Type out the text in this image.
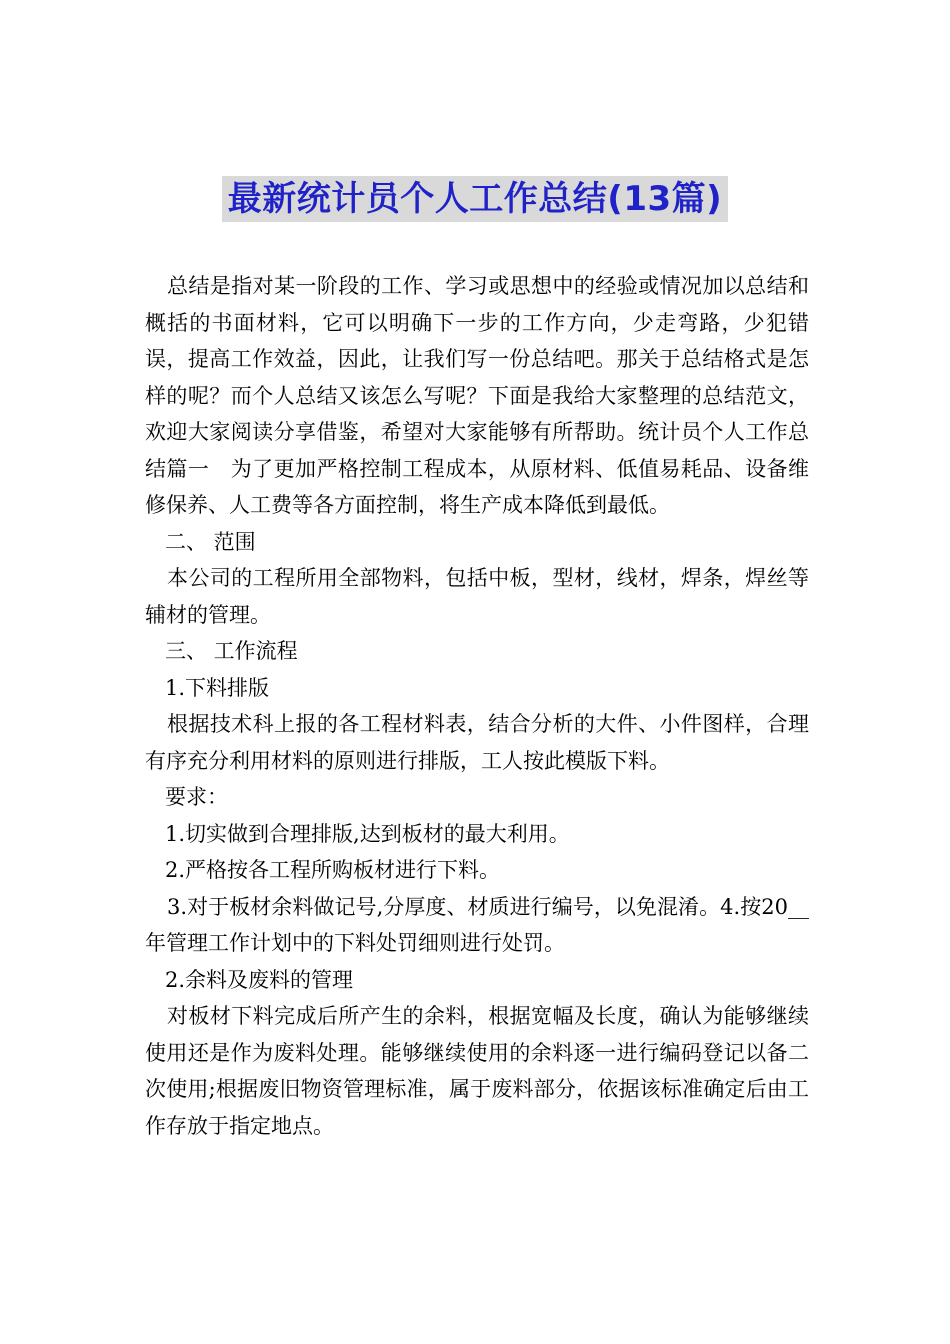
最新统计员个人工作总结(13篇)

总结是指对某一阶段的工作、学习或思想中的经验或情况加以总结和概括的书面材料，它可以明确下一步的工作方向，少走弯路，少犯错误，提高工作效益，因此，让我们写一份总结吧。那关于总结格式是怎样的呢？而个人总结又该怎么写呢？下面是我给大家整理的总结范文，欢迎大家阅读分享借鉴，希望对大家能够有所帮助。统计员个人工作总结篇一　为了更加严格控制工程成本，从原材料、低值易耗品、设备维修保养、人工费等各方面控制，将生产成本降低到最低。

二、 范围

本公司的工程所用全部物料，包括中板，型材，线材，焊条，焊丝等辅材的管理。

三、 工作流程

1.下料排版

根据技术科上报的各工程材料表，结合分析的大件、小件图样，合理有序充分利用材料的原则进行排版，工人按此模版下料。

要求：

1.切实做到合理排版,达到板材的最大利用。

2.严格按各工程所购板材进行下料。

3.对于板材余料做记号,分厚度、材质进行编号，以免混淆。4.按20__年管理工作计划中的下料处罚细则进行处罚。

2.余料及废料的管理

对板材下料完成后所产生的余料，根据宽幅及长度，确认为能够继续使用还是作为废料处理。能够继续使用的余料逐一进行编码登记以备二次使用;根据废旧物资管理标准，属于废料部分，依据该标准确定后由工作存放于指定地点。
